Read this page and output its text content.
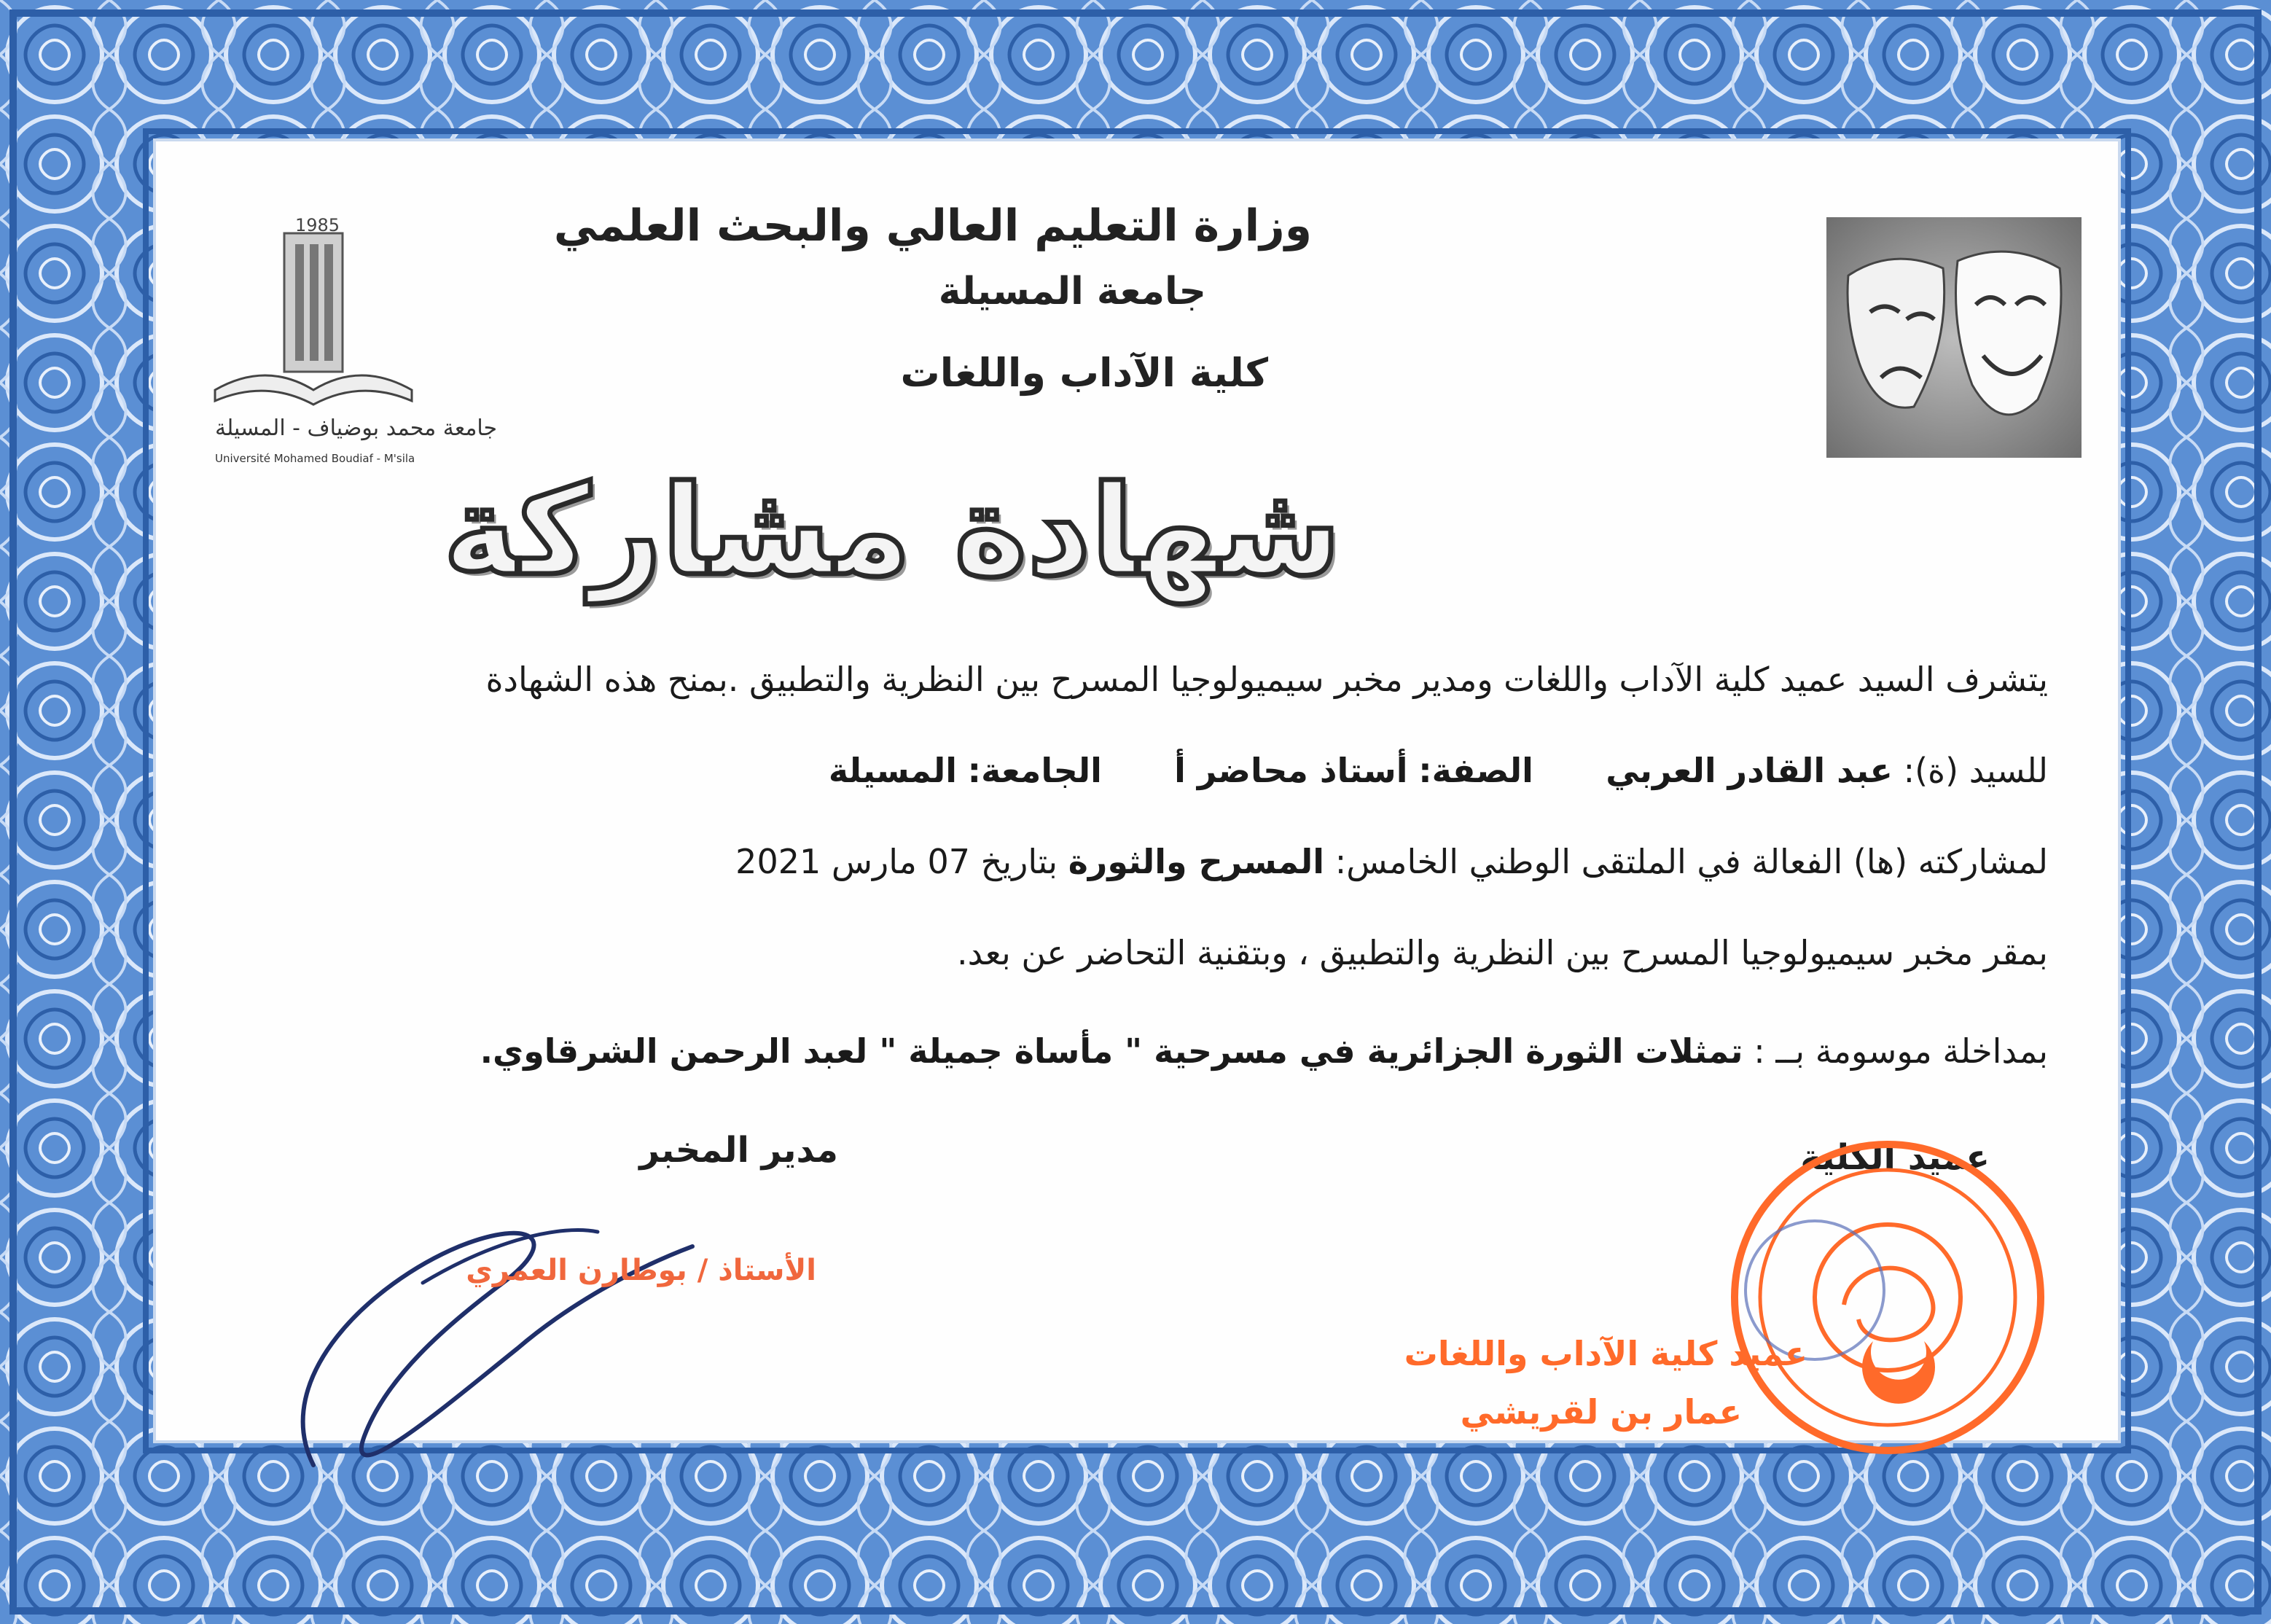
1985
جامعة محمد بوضياف - المسيلة
Université Mohamed Boudiaf - M'sila
وزارة التعليم العالي والبحث العلمي
جامعة المسيلة
كلية الآداب واللغات
شهادة مشاركة
يتشرف السيد عميد كلية الآداب واللغات ومدير مخبر سيميولوجيا المسرح بين النظرية والتطبيق .بمنح هذه الشهادة
للسيد (ة): عبد القادر العربي  الصفة: أستاذ محاضر أ  الجامعة: المسيلة
لمشاركته (ها) الفعالة في الملتقى الوطني الخامس: المسرح والثورة بتاريخ 07 مارس 2021
بمقر مخبر سيميولوجيا المسرح بين النظرية والتطبيق ، وبتقنية التحاضر عن بعد.
بمداخلة موسومة بــ : تمثلات الثورة الجزائرية في مسرحية " مأساة جميلة " لعبد الرحمن الشرقاوي.
عميد الكلية
مدير المخبر
الأستاذ / بوطارن العمري
عميد كلية الآداب واللغات
عمار بن لقريشي
